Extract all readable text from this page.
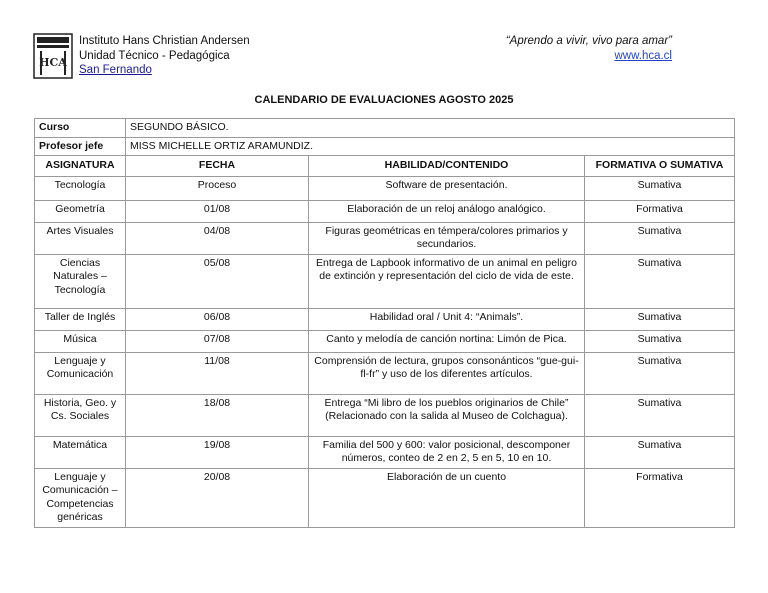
HCA
Instituto Hans Christian Andersen
Unidad Técnico - Pedagógica
San Fernando
“Aprendo a vivir, vivo para amar”
www.hca.cl
CALENDARIO DE EVALUACIONES AGOSTO 2025
Curso	SEGUNDO BÁSICO.		
Profesor jefe	MISS MICHELLE ORTIZ ARAMUNDIZ.		
ASIGNATURA	FECHA	HABILIDAD/CONTENIDO	FORMATIVA O SUMATIVA
Tecnología	Proceso	Software de presentación.	Sumativa
Geometría	01/08	Elaboración de un reloj análogo analógico.	Formativa
Artes Visuales	04/08	Figuras geométricas en témpera/colores primarios y secundarios.	Sumativa
Ciencias Naturales – Tecnología	05/08	Entrega de Lapbook informativo de un animal en peligro de extinción y representación del ciclo de vida de este.	Sumativa
Taller de Inglés	06/08	Habilidad oral / Unit 4: “Animals”.	Sumativa
Música	07/08	Canto y melodía de canción nortina: Limón de Pica.	Sumativa
Lenguaje y Comunicación	11/08	Comprensión de lectura, grupos consonánticos “gue-gui-fl-fr” y uso de los diferentes artículos.	Sumativa
Historia, Geo. y Cs. Sociales	18/08	Entrega “Mi libro de los pueblos originarios de Chile” (Relacionado con la salida al Museo de Colchagua).	Sumativa
Matemática	19/08	Familia del 500 y 600: valor posicional, descomponer números, conteo de 2 en 2, 5 en 5, 10 en 10.	Sumativa
Lenguaje y Comunicación – Competencias genéricas	20/08	Elaboración de un cuento	Formativa
